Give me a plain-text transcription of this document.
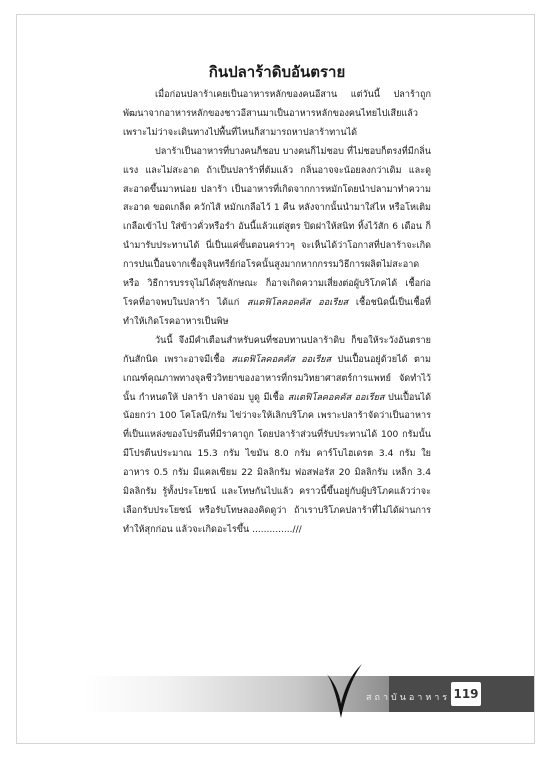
กินปลาร้าดิบอันตราย

เมื่อก่อนปลาร้าเคยเป็นอาหารหลักของคนอีสาน แต่วันนี้ ปลาร้าถูกพัฒนาจากอาหารหลักของชาวอีสานมาเป็นอาหารหลักของคนไทยไปเสียแล้ว เพราะไม่ว่าจะเดินทางไปพื้นที่ไหนก็สามารถหาปลาร้าทานได้

ปลาร้าเป็นอาหารที่บางคนก็ชอบ บางคนก็ไม่ชอบ ที่ไม่ชอบก็ตรงที่มีกลิ่นแรง และไม่สะอาด ถ้าเป็นปลาร้าที่ต้มแล้ว กลิ่นอาจจะน้อยลงกว่าเดิม และดูสะอาดขึ้นมาหน่อย ปลาร้า เป็นอาหารที่เกิดจากการหมักโดยนำปลามาทำความสะอาด ขอดเกล็ด ควักไส้ หมักเกลือไว้ 1 คืน หลังจากนั้นนำมาใส่ไห หรือโหเติมเกลือเข้าไป ใส่ข้าวคั่วหรือรำ อันนี้แล้วแต่สูตร ปิดฝาให้สนิท ทิ้งไว้สัก 6 เดือน ก็นำมารับประทานได้ นี่เป็นแค่ขั้นตอนคร่าวๆ จะเห็นได้ว่าโอกาสที่ปลาร้าจะเกิดการปนเปื้อนจากเชื้อจุลินทรีย์ก่อโรคนั้นสูงมากหากกรรมวิธีการผลิตไม่สะอาด หรือ วิธีการบรรจุไม่ได้สุขลักษณะ ก็อาจเกิดความเสี่ยงต่อผู้บริโภคได้ เชื้อก่อโรคที่อาจพบในปลาร้า ได้แก่ สแตฟิโลคอคคัส ออเรียส เชื้อชนิดนี้เป็นเชื้อที่ทำให้เกิดโรคอาหารเป็นพิษ

วันนี้ จึงมีคำเตือนสำหรับคนที่ชอบทานปลาร้าดิบ ก็ขอให้ระวังอันตรายกันสักนิด เพราะอาจมีเชื้อ สแตฟิโลคอคคัส ออเรียส ปนเปื้อนอยู่ด้วยได้ ตามเกณฑ์คุณภาพทางจุลชีววิทยาของอาหารที่กรมวิทยาศาสตร์การแพทย์ จัดทำไว้นั้น กำหนดให้ ปลาร้า ปลาจ่อม บูดู มีเชื้อ สแตฟิโลคอคคัส ออเรียส ปนเปื้อนได้น้อยกว่า 100 โคโลนี/กรัม ไข่ว่าจะให้เลิกบริโภค เพราะปลาร้าจัดว่าเป็นอาหารที่เป็นแหล่งของโปรตีนที่มีราคาถูก โดยปลาร้าส่วนที่รับประทานได้ 100 กรัมนั้น มีโปรตีนประมาณ 15.3 กรัม ไขมัน 8.0 กรัม คาร์โบไฮเดรต 3.4 กรัม ใยอาหาร 0.5 กรัม มีแคลเซียม 22 มิลลิกรัม ฟอสฟอรัส 20 มิลลิกรัม เหล็ก 3.4 มิลลิกรัม รู้ทั้งประโยชน์ และโทษกันไปแล้ว คราวนี้ขึ้นอยู่กับผู้บริโภคแล้วว่าจะเลือกรับประโยชน์ หรือรับโทษลองคิดดูว่า ถ้าเราบริโภคปลาร้าที่ไม่ได้ผ่านการทำให้สุกก่อน แล้วจะเกิดอะไรขึ้น ..............///

สถาบันอาหาร 119
